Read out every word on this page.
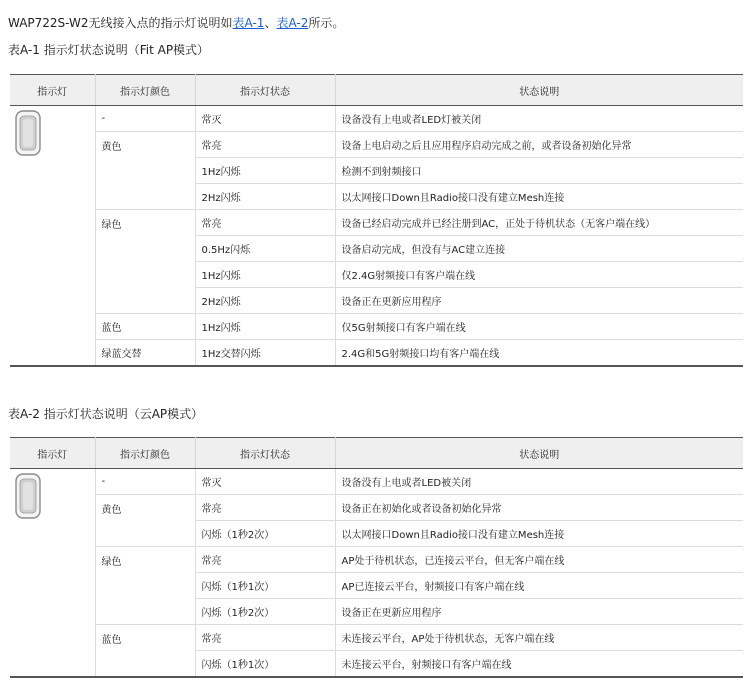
WAP722S-W2无线接入点的指示灯说明如表A-1、表A-2所示。
表A-1 指示灯状态说明（Fit AP模式）
指示灯	指示灯颜色	指示灯状态	状态说明

	-	常灭	设备没有上电或者LED灯被关闭
	黄色	常亮	设备上电启动之后且应用程序启动完成之前，或者设备初始化异常
		1Hz闪烁	检测不到射频接口
		2Hz闪烁	以太网接口Down且Radio接口没有建立Mesh连接
	绿色	常亮	设备已经启动完成并已经注册到AC，正处于待机状态（无客户端在线）
		0.5Hz闪烁	设备启动完成，但没有与AC建立连接
		1Hz闪烁	仅2.4G射频接口有客户端在线
		2Hz闪烁	设备正在更新应用程序
	蓝色	1Hz闪烁	仅5G射频接口有客户端在线
	绿蓝交替	1Hz交替闪烁	2.4G和5G射频接口均有客户端在线
表A-2 指示灯状态说明（云AP模式）
指示灯	指示灯颜色	指示灯状态	状态说明

	-	常灭	设备没有上电或者LED被关闭
	黄色	常亮	设备正在初始化或者设备初始化异常
		闪烁（1秒2次）	以太网接口Down且Radio接口没有建立Mesh连接
	绿色	常亮	AP处于待机状态，已连接云平台，但无客户端在线
		闪烁（1秒1次）	AP已连接云平台，射频接口有客户端在线
		闪烁（1秒2次）	设备正在更新应用程序
	蓝色	常亮	未连接云平台，AP处于待机状态，无客户端在线
		闪烁（1秒1次）	未连接云平台，射频接口有客户端在线
